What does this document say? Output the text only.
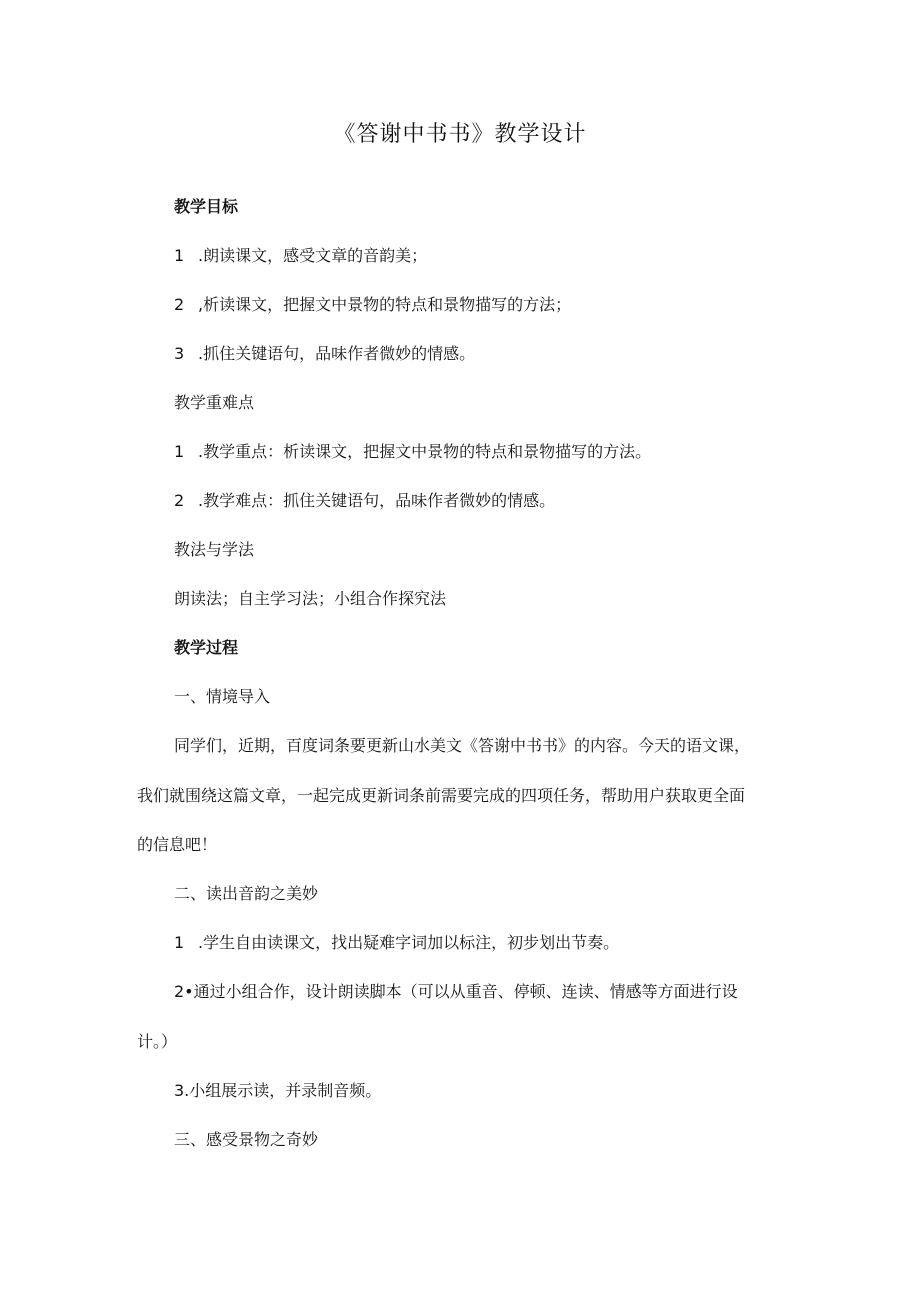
《答谢中书书》教学设计
教学目标
1 .朗读课文，感受文章的音韵美；
2 ,析读课文，把握文中景物的特点和景物描写的方法；
3 .抓住关键语句，品味作者微妙的情感。
教学重难点
1 .教学重点：析读课文，把握文中景物的特点和景物描写的方法。
2 .教学难点：抓住关键语句，品味作者微妙的情感。
教法与学法
朗读法；自主学习法；小组合作探究法
教学过程
一、情境导入
同学们，近期，百度词条要更新山水美文《答谢中书书》的内容。今天的语文课，
我们就围绕这篇文章，一起完成更新词条前需要完成的四项任务，帮助用户获取更全面
的信息吧！
二、读出音韵之美妙
1 .学生自由读课文，找出疑难字词加以标注，初步划出节奏。
2•通过小组合作，设计朗读脚本（可以从重音、停顿、连读、情感等方面进行设
计。）
3.小组展示读，并录制音频。
三、感受景物之奇妙
